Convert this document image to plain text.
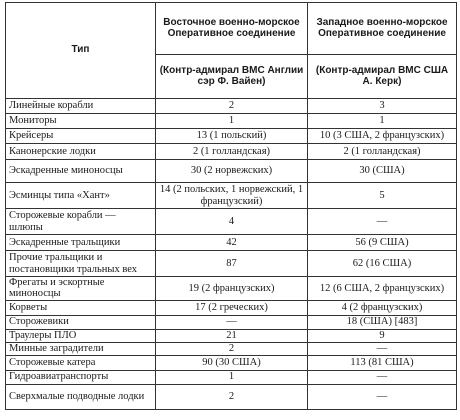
Тип	Восточное военно-морское Оперативное соединение	Западное военно-морское Оперативное соединение
	(Контр-адмирал ВМС Англии сэр Ф. Вайен)	(Контр-адмирал ВМС США А. Керк)
Линейные корабли	2	3
Мониторы	1	1
Крейсеры	13 (1 польский)	10 (3 США, 2 французских)
Канонерские лодки	2 (1 голландская)	2 (1 голландская)
Эскадренные миноносцы	30 (2 норвежских)	30 (США)
Эсминцы типа «Хант»	14 (2 польских, 1 норвежский, 1 французский)	5
Сторожевые корабли — шлюпы	4	—
Эскадренные тральщики	42	56 (9 США)
Прочие тральщики и постановщики тральных вех	87	62 (16 США)
Фрегаты и эскортные миноносцы	19 (2 французских)	12 (6 США, 2 французских)
Корветы	17 (2 греческих)	4 (2 французских)
Сторожевики	—	18 (США) [483]
Траулеры ПЛО	21	9
Минные заградители	2	—
Сторожевые катера	90 (30 США)	113 (81 США)
Гидроавиатранспорты	1	—
Сверхмалые подводные лодки	2	—
